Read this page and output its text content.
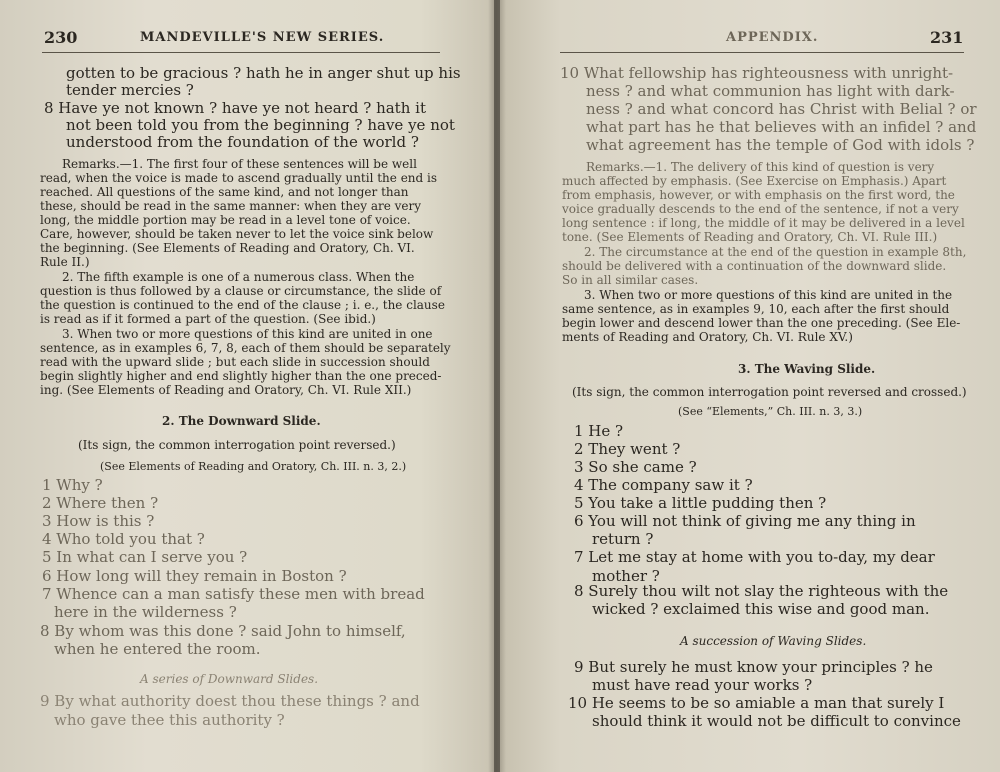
230	MANDEVILLE'S NEW SERIES.
gotten to be gracious ? hath he in anger shut up his
tender mercies ?
8 Have ye not known ? have ye not heard ? hath it
not been told you from the beginning ? have ye not
understood from the foundation of the world ?
Remarks.—1. The first four of these sentences will be well
read, when the voice is made to ascend gradually until the end is
reached. All questions of the same kind, and not longer than
these, should be read in the same manner: when they are very
long, the middle portion may be read in a level tone of voice.
Care, however, should be taken never to let the voice sink below
the beginning. (See Elements of Reading and Oratory, Ch. VI.
Rule II.)
2. The fifth example is one of a numerous class. When the
question is thus followed by a clause or circumstance, the slide of
the question is continued to the end of the clause ; i. e., the clause
is read as if it formed a part of the question. (See ibid.)
3. When two or more questions of this kind are united in one
sentence, as in examples 6, 7, 8, each of them should be separately
read with the upward slide ; but each slide in succession should
begin slightly higher and end slightly higher than the one preced-
ing. (See Elements of Reading and Oratory, Ch. VI. Rule XII.)
2. The Downward Slide.
(Its sign, the common interrogation point reversed.)
(See Elements of Reading and Oratory, Ch. III. n. 3, 2.)
1 Why ?
2 Where then ?
3 How is this ?
4 Who told you that ?
5 In what can I serve you ?
6 How long will they remain in Boston ?
7 Whence can a man satisfy these men with bread
here in the wilderness ?
8 By whom was this done ? said John to himself,
when he entered the room.
A series of Downward Slides.
9 By what authority doest thou these things ? and
who gave thee this authority ?
APPENDIX.	231
10 What fellowship has righteousness with unright-
ness ? and what communion has light with dark-
ness ? and what concord has Christ with Belial ? or
what part has he that believes with an infidel ? and
what agreement has the temple of God with idols ?
Remarks.—1. The delivery of this kind of question is very
much affected by emphasis. (See Exercise on Emphasis.) Apart
from emphasis, however, or with emphasis on the first word, the
voice gradually descends to the end of the sentence, if not a very
long sentence : if long, the middle of it may be delivered in a level
tone. (See Elements of Reading and Oratory, Ch. VI. Rule III.)
2. The circumstance at the end of the question in example 8th,
should be delivered with a continuation of the downward slide.
So in all similar cases.
3. When two or more questions of this kind are united in the
same sentence, as in examples 9, 10, each after the first should
begin lower and descend lower than the one preceding. (See Ele-
ments of Reading and Oratory, Ch. VI. Rule XV.)
3. The Waving Slide.
(Its sign, the common interrogation point reversed and crossed.)
(See “Elements,” Ch. III. n. 3, 3.)
1 He ?
2 They went ?
3 So she came ?
4 The company saw it ?
5 You take a little pudding then ?
6 You will not think of giving me any thing in
return ?
7 Let me stay at home with you to-day, my dear
mother ?
8 Surely thou wilt not slay the righteous with the
wicked ? exclaimed this wise and good man.
A succession of Waving Slides.
9 But surely he must know your principles ? he
must have read your works ?
10 He seems to be so amiable a man that surely I
should think it would not be difficult to convince
